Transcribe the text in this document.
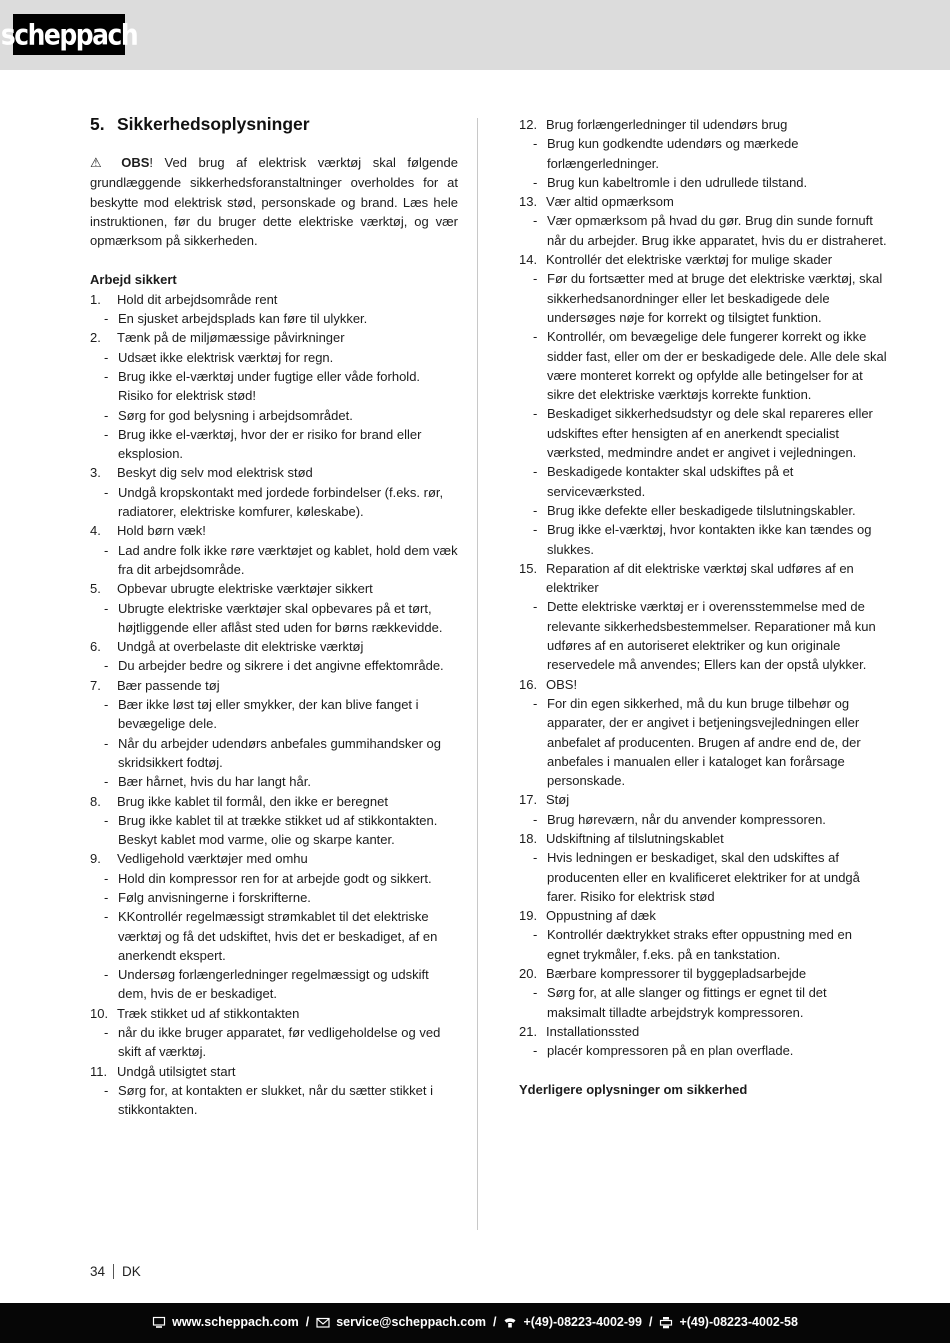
scheppach
5. Sikkerhedsoplysninger
⚠ OBS! Ved brug af elektrisk værktøj skal følgende grundlæggende sikkerhedsforanstaltninger overholdes for at beskytte mod elektrisk stød, personskade og brand. Læs hele instruktionen, før du bruger dette elektriske værktøj, og vær opmærksom på sikkerheden.
Arbejd sikkert
1.	Hold dit arbejdsområde rent
- En sjusket arbejdsplads kan føre til ulykker.
2.	Tænk på de miljømæssige påvirkninger
- Udsæt ikke elektrisk værktøj for regn.
- Brug ikke el-værktøj under fugtige eller våde forhold. Risiko for elektrisk stød!
- Sørg for god belysning i arbejdsområdet.
- Brug ikke el-værktøj, hvor der er risiko for brand eller eksplosion.
3.	Beskyt dig selv mod elektrisk stød
- Undgå kropskontakt med jordede forbindelser (f.eks. rør, radiatorer, elektriske komfurer, køleskabe).
4.	Hold børn væk!
- Lad andre folk ikke røre værktøjet og kablet, hold dem væk fra dit arbejdsområde.
5.	Opbevar ubrugte elektriske værktøjer sikkert
- Ubrugte elektriske værktøjer skal opbevares på et tørt, højtliggende eller aflåst sted uden for børns rækkevidde.
6.	Undgå at overbelaste dit elektriske værktøj
- Du arbejder bedre og sikrere i det angivne effektområde.
7.	Bær passende tøj
- Bær ikke løst tøj eller smykker, der kan blive fanget i bevægelige dele.
- Når du arbejder udendørs anbefales gummihandsker og skridsikkert fodtøj.
- Bær hårnet, hvis du har langt hår.
8.	Brug ikke kablet til formål, den ikke er beregnet
- Brug ikke kablet til at trække stikket ud af stikkontakten. Beskyt kablet mod varme, olie og skarpe kanter.
9.	Vedligehold værktøjer med omhu
- Hold din kompressor ren for at arbejde godt og sikkert.
- Følg anvisningerne i forskrifterne.
- KKontrollér regelmæssigt strømkablet til det elektriske værktøj og få det udskiftet, hvis det er beskadiget, af en anerkendt ekspert.
- Undersøg forlængerledninger regelmæssigt og udskift dem, hvis de er beskadiget.
10. Træk stikket ud af stikkontakten
- når du ikke bruger apparatet, før vedligeholdelse og ved skift af værktøj.
11. Undgå utilsigtet start
- Sørg for, at kontakten er slukket, når du sætter stikket i stikkontakten.
12. Brug forlængerledninger til udendørs brug
- Brug kun godkendte udendørs og mærkede forlængerledninger.
- Brug kun kabeltromle i den udrullede tilstand.
13. Vær altid opmærksom
- Vær opmærksom på hvad du gør. Brug din sunde fornuft når du arbejder. Brug ikke apparatet, hvis du er distraheret.
14. Kontrollér det elektriske værktøj for mulige skader
- Før du fortsætter med at bruge det elektriske værktøj, skal sikkerhedsanordninger eller let beskadigede dele undersøges nøje for korrekt og tilsigtet funktion.
- Kontrollér, om bevægelige dele fungerer korrekt og ikke sidder fast, eller om der er beskadigede dele. Alle dele skal være monteret korrekt og opfylde alle betingelser for at sikre det elektriske værktøjs korrekte funktion.
- Beskadiget sikkerhedsudstyr og dele skal repareres eller udskiftes efter hensigten af en anerkendt specialist værksted, medmindre andet er angivet i vejledningen.
- Beskadigede kontakter skal udskiftes på et serviceværksted.
- Brug ikke defekte eller beskadigede tilslutningskabler.
- Brug ikke el-værktøj, hvor kontakten ikke kan tændes og slukkes.
15. Reparation af dit elektriske værktøj skal udføres af en elektriker
- Dette elektriske værktøj er i overensstemmelse med de relevante sikkerhedsbestemmelser. Reparationer må kun udføres af en autoriseret elektriker og kun originale reservedele må anvendes; Ellers kan der opstå ulykker.
16. OBS!
- For din egen sikkerhed, må du kun bruge tilbehør og apparater, der er angivet i betjeningsvejledningen eller anbefalet af producenten. Brugen af andre end de, der anbefales i manualen eller i kataloget kan forårsage personskade.
17. Støj
- Brug høreværn, når du anvender kompressoren.
18. Udskiftning af tilslutningskablet
- Hvis ledningen er beskadiget, skal den udskiftes af producenten eller en kvalificeret elektriker for at undgå farer. Risiko for elektrisk stød
19. Oppustning af dæk
- Kontrollér dæktrykket straks efter oppustning med en egnet trykmåler, f.eks. på en tankstation.
20. Bærbare kompressorer til byggepladsarbejde
- Sørg for, at alle slanger og fittings er egnet til det maksimalt tilladte arbejdstryk kompressoren.
21. Installationssted
- placér kompressoren på en plan overflade.
Yderligere oplysninger om sikkerhed
34 DK
www.scheppach.com / service@scheppach.com / +(49)-08223-4002-99 / +(49)-08223-4002-58
